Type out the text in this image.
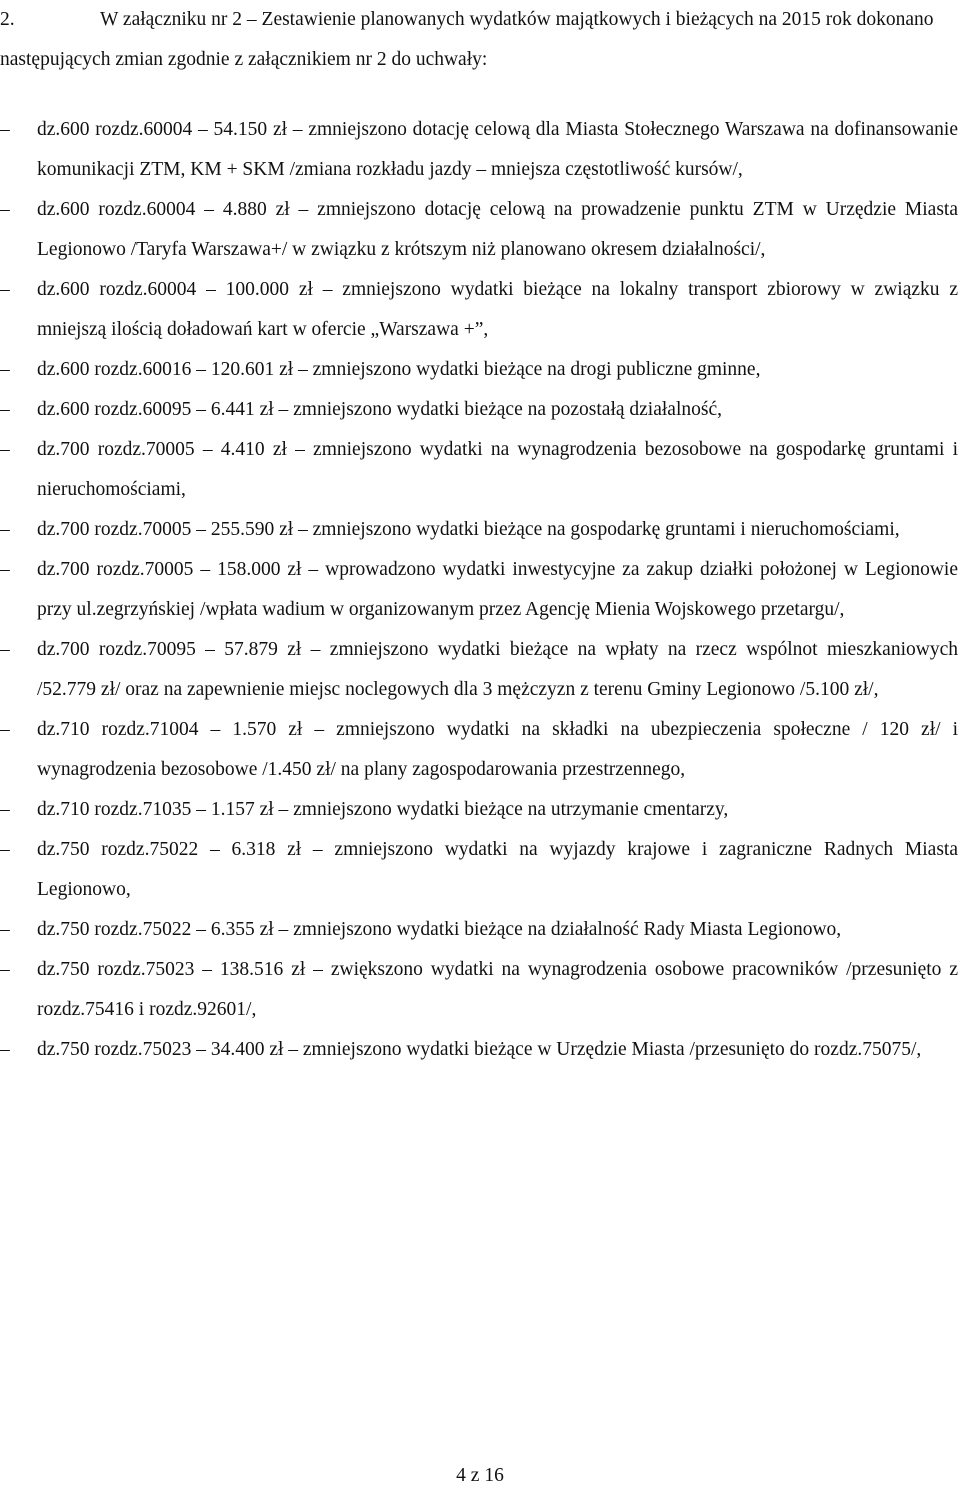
2.	W załączniku nr 2 – Zestawienie planowanych wydatków majątkowych i bieżących na 2015 rok dokonano następujących zmian zgodnie z załącznikiem nr 2 do uchwały:
–	dz.600 rozdz.60004 – 54.150 zł – zmniejszono dotację celową dla Miasta Stołecznego Warszawa na dofinansowanie komunikacji ZTM, KM + SKM /zmiana rozkładu jazdy – mniejsza częstotliwość kursów/,
–	dz.600 rozdz.60004 – 4.880 zł – zmniejszono dotację celową na prowadzenie punktu ZTM w Urzędzie Miasta Legionowo /Taryfa Warszawa+/ w związku z krótszym niż planowano okresem działalności/,
–	dz.600 rozdz.60004 – 100.000 zł – zmniejszono wydatki bieżące na lokalny transport zbiorowy w związku z mniejszą ilością doładowań kart w ofercie „Warszawa +”,
–	dz.600 rozdz.60016 – 120.601 zł – zmniejszono wydatki bieżące na drogi publiczne gminne,
–	dz.600 rozdz.60095 – 6.441 zł – zmniejszono wydatki bieżące na pozostałą działalność,
–	dz.700 rozdz.70005 – 4.410 zł – zmniejszono wydatki na wynagrodzenia bezosobowe na gospodarkę gruntami i nieruchomościami,
–	dz.700 rozdz.70005 – 255.590 zł – zmniejszono wydatki bieżące na gospodarkę gruntami i nieruchomościami,
–	dz.700 rozdz.70005 – 158.000 zł – wprowadzono wydatki inwestycyjne za zakup działki położonej w Legionowie przy ul.zegrzyńskiej /wpłata wadium w organizowanym przez Agencję Mienia Wojskowego przetargu/,
–	dz.700 rozdz.70095 – 57.879 zł – zmniejszono wydatki bieżące na wpłaty na rzecz wspólnot mieszkaniowych /52.779 zł/ oraz na zapewnienie miejsc noclegowych dla 3 mężczyzn z terenu Gminy Legionowo /5.100 zł/,
–	dz.710 rozdz.71004 – 1.570 zł – zmniejszono wydatki na składki na ubezpieczenia społeczne / 120 zł/ i wynagrodzenia bezosobowe /1.450 zł/ na plany zagospodarowania przestrzennego,
–	dz.710 rozdz.71035 – 1.157 zł – zmniejszono wydatki bieżące na utrzymanie cmentarzy,
–	dz.750 rozdz.75022 – 6.318 zł – zmniejszono wydatki na wyjazdy krajowe i zagraniczne Radnych Miasta Legionowo,
–	dz.750 rozdz.75022 – 6.355 zł – zmniejszono wydatki bieżące na działalność Rady Miasta Legionowo,
–	dz.750 rozdz.75023 – 138.516 zł – zwiększono wydatki na wynagrodzenia osobowe pracowników /przesunięto z rozdz.75416 i rozdz.92601/,
–	dz.750 rozdz.75023 – 34.400 zł – zmniejszono wydatki bieżące w Urzędzie Miasta /przesunięto do rozdz.75075/,
4 z 16
